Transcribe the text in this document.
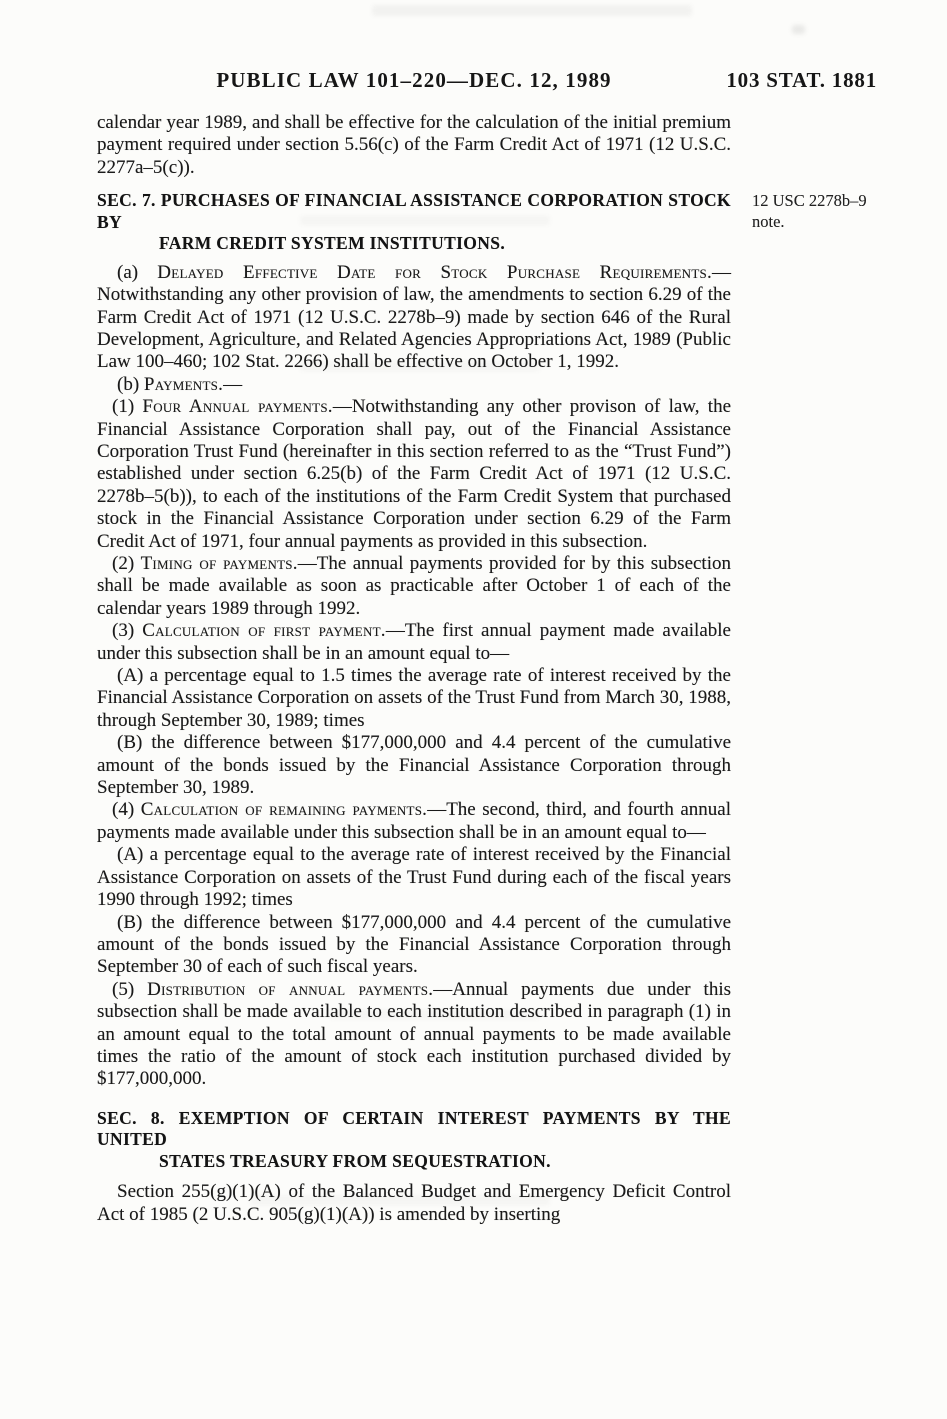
PUBLIC LAW 101–220—DEC. 12, 1989	103 STAT. 1881
12 USC 2278b–9
note.

calendar year 1989, and shall be effective for the calculation of the initial premium payment required under section 5.56(c) of the Farm Credit Act of 1971 (12 U.S.C. 2277a–5(c)).

SEC. 7. PURCHASES OF FINANCIAL ASSISTANCE CORPORATION STOCK BY
FARM CREDIT SYSTEM INSTITUTIONS.

(a) Delayed Effective Date for Stock Purchase Requirements.—Notwithstanding any other provision of law, the amendments to section 6.29 of the Farm Credit Act of 1971 (12 U.S.C. 2278b–9) made by section 646 of the Rural Development, Agriculture, and Related Agencies Appropriations Act, 1989 (Public Law 100–460; 102 Stat. 2266) shall be effective on October 1, 1992.

(b) Payments.—

(1) Four Annual payments.—Notwithstanding any other provison of law, the Financial Assistance Corporation shall pay, out of the Financial Assistance Corporation Trust Fund (hereinafter in this section referred to as the “Trust Fund”) established under section 6.25(b) of the Farm Credit Act of 1971 (12 U.S.C. 2278b–5(b)), to each of the institutions of the Farm Credit System that purchased stock in the Financial Assistance Corporation under section 6.29 of the Farm Credit Act of 1971, four annual payments as provided in this subsection.

(2) Timing of payments.—The annual payments provided for by this subsection shall be made available as soon as practicable after October 1 of each of the calendar years 1989 through 1992.

(3) Calculation of first payment.—The first annual payment made available under this subsection shall be in an amount equal to—

(A) a percentage equal to 1.5 times the average rate of interest received by the Financial Assistance Corporation on assets of the Trust Fund from March 30, 1988, through September 30, 1989; times

(B) the difference between $177,000,000 and 4.4 percent of the cumulative amount of the bonds issued by the Financial Assistance Corporation through September 30, 1989.

(4) Calculation of remaining payments.—The second, third, and fourth annual payments made available under this subsection shall be in an amount equal to—

(A) a percentage equal to the average rate of interest received by the Financial Assistance Corporation on assets of the Trust Fund during each of the fiscal years 1990 through 1992; times

(B) the difference between $177,000,000 and 4.4 percent of the cumulative amount of the bonds issued by the Financial Assistance Corporation through September 30 of each of such fiscal years.

(5) Distribution of annual payments.—Annual payments due under this subsection shall be made available to each institution described in paragraph (1) in an amount equal to the total amount of annual payments to be made available times the ratio of the amount of stock each institution purchased divided by $177,000,000.

SEC. 8. EXEMPTION OF CERTAIN INTEREST PAYMENTS BY THE UNITED
STATES TREASURY FROM SEQUESTRATION.

Section 255(g)(1)(A) of the Balanced Budget and Emergency Deficit Control Act of 1985 (2 U.S.C. 905(g)(1)(A)) is amended by inserting
